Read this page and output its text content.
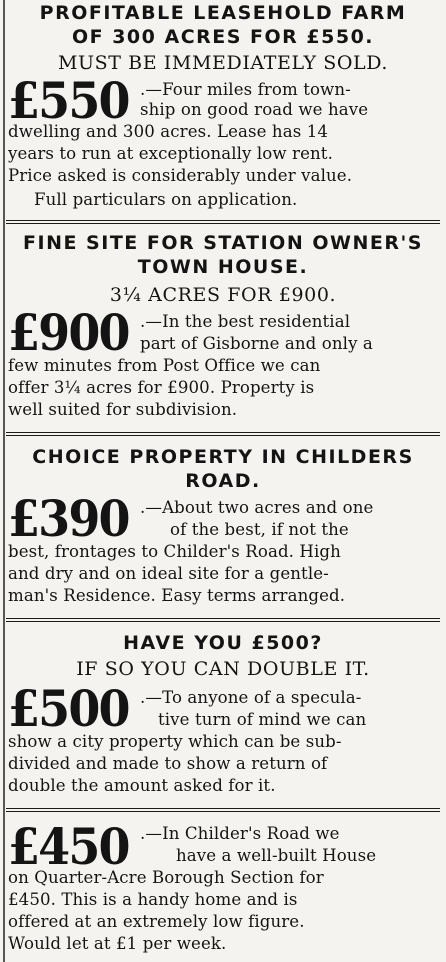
PROFITABLE LEASEHOLD FARM
OF 300 ACRES FOR £550.
MUST BE IMMEDIATELY SOLD.
£550 .—Four miles from town-
ship on good road we have
dwelling and 300 acres. Lease has 14
years to run at exceptionally low rent.
Price asked is considerably under value.
Full particulars on application.
FINE SITE FOR STATION OWNER'S
TOWN HOUSE.
3¼ ACRES FOR £900.
£900 .—In the best residential
part of Gisborne and only a
few minutes from Post Office we can
offer 3¼ acres for £900. Property is
well suited for subdivision.
CHOICE PROPERTY IN CHILDERS
ROAD.
£390 .—About two acres and one
of the best, if not the
best, frontages to Childer's Road. High
and dry and on ideal site for a gentle-
man's Residence. Easy terms arranged.
HAVE YOU £500?
IF SO YOU CAN DOUBLE IT.
£500 .—To anyone of a specula-
tive turn of mind we can
show a city property which can be sub-
divided and made to show a return of
double the amount asked for it.
£450 .—In Childer's Road we
have a well-built House
on Quarter-Acre Borough Section for
£450. This is a handy home and is
offered at an extremely low figure.
Would let at £1 per week.
